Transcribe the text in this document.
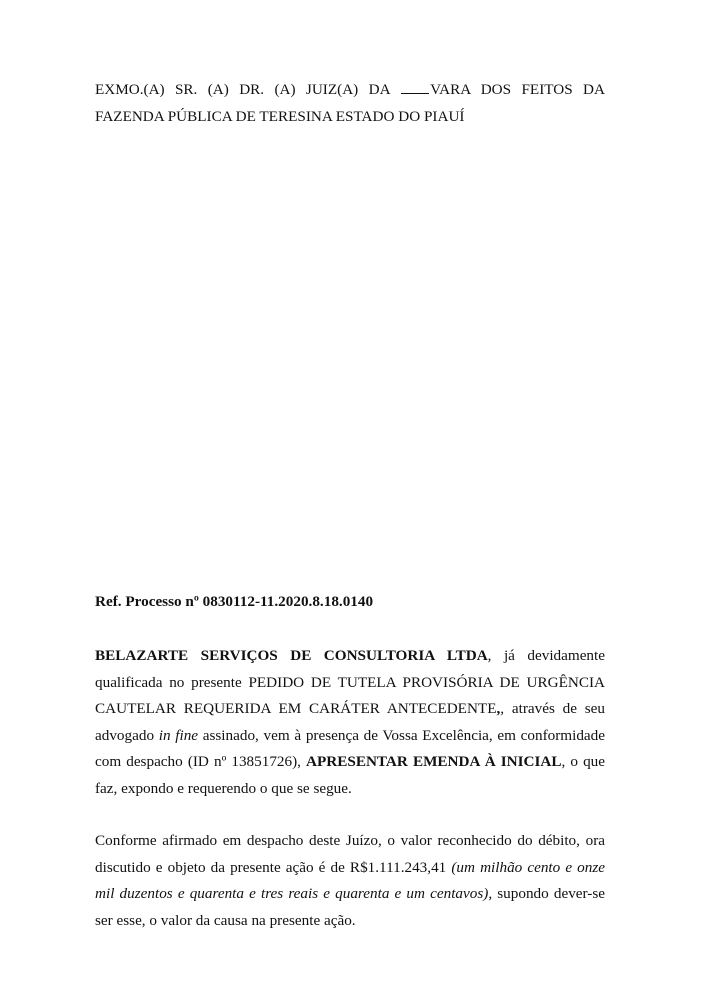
EXMO.(A) SR. (A) DR. (A) JUIZ(A) DA	VARA DOS FEITOS DA FAZENDA PÚBLICA DE TERESINA ESTADO DO PIAUÍ
Ref. Processo nº 0830112-11.2020.8.18.0140
BELAZARTE SERVIÇOS DE CONSULTORIA LTDA, já devidamente qualificada no presente PEDIDO DE TUTELA PROVISÓRIA DE URGÊNCIA CAUTELAR REQUERIDA EM CARÁTER ANTECEDENTE,, através de seu advogado in fine assinado, vem à presença de Vossa Excelência, em conformidade com despacho (ID nº 13851726), APRESENTAR EMENDA À INICIAL, o que faz, expondo e requerendo o que se segue.
Conforme afirmado em despacho deste Juízo, o valor reconhecido do débito, ora discutido e objeto da presente ação é de R$1.111.243,41 (um milhão cento e onze mil duzentos e quarenta e tres reais e quarenta e um centavos), supondo dever-se ser esse, o valor da causa na presente ação.
